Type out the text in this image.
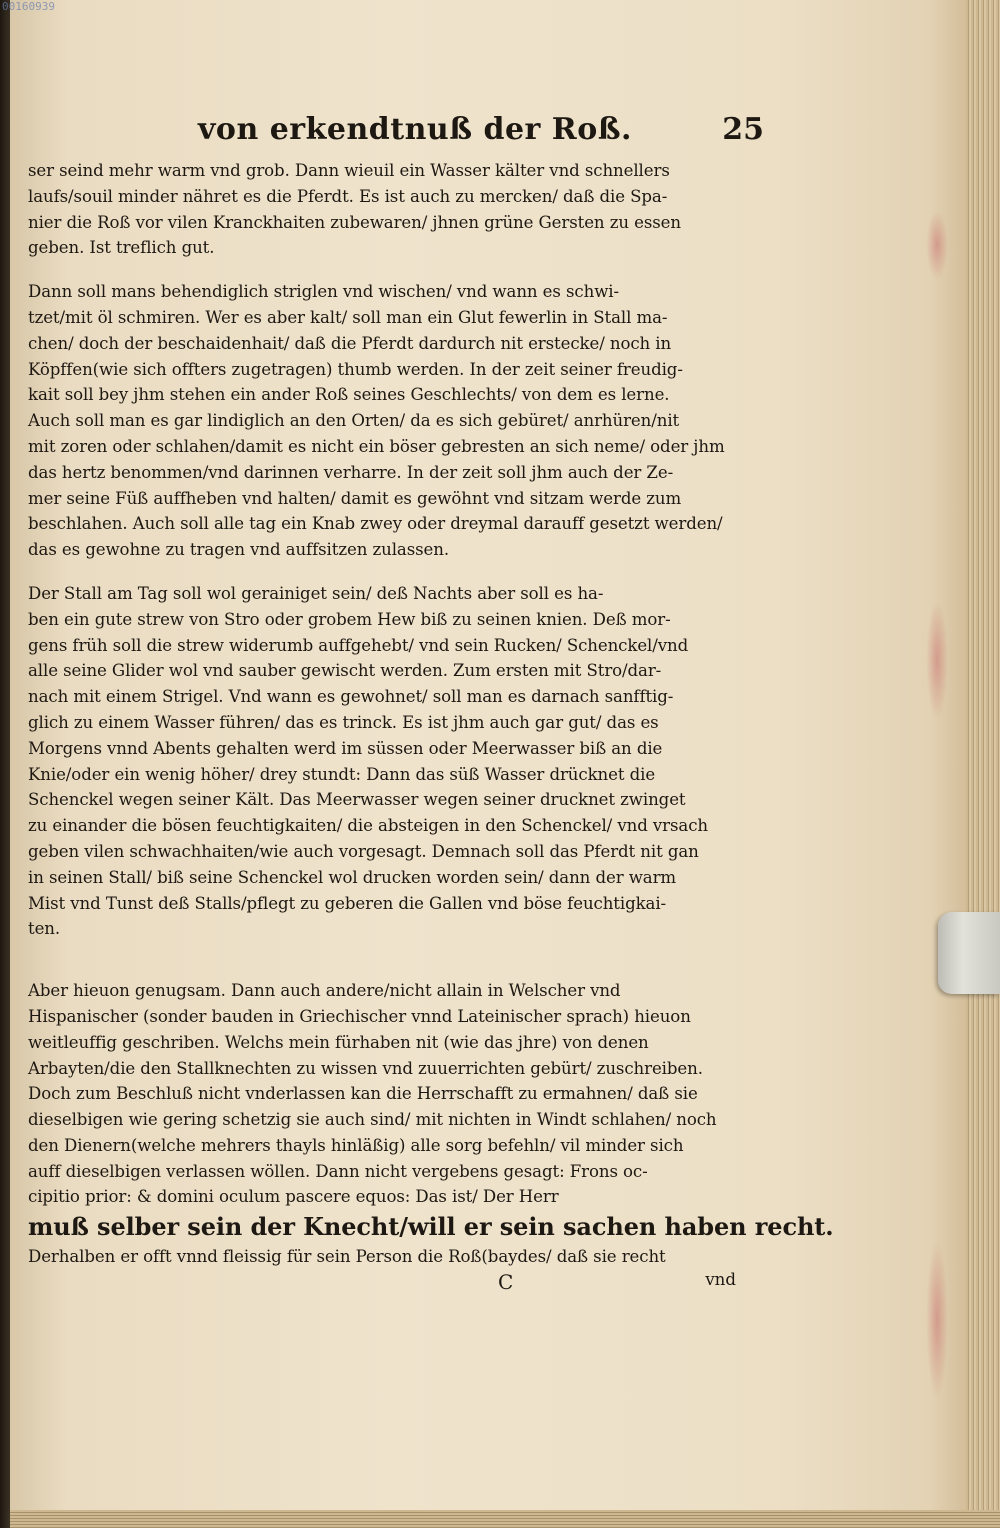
00160939
von erkendtnuß der Roß.	25
ser seind mehr warm vnd grob. Dann wieuil ein Wasser kälter vnd schnellers
laufs/souil minder nähret es die Pferdt. Es ist auch zu mercken/ daß die Spa-
nier die Roß vor vilen Kranckhaiten zubewaren/ jhnen grüne Gersten zu essen
geben. Ist treflich gut.
Dann soll mans behendiglich striglen vnd wischen/ vnd wann es schwi-
tzet/mit öl schmiren. Wer es aber kalt/ soll man ein Glut fewerlin in Stall ma-
chen/ doch der beschaidenhait/ daß die Pferdt dardurch nit erstecke/ noch in
Köpffen(wie sich offters zugetragen) thumb werden. In der zeit seiner freudig-
kait soll bey jhm stehen ein ander Roß seines Geschlechts/ von dem es lerne.
Auch soll man es gar lindiglich an den Orten/ da es sich gebüret/ anrhüren/nit
mit zoren oder schlahen/damit es nicht ein böser gebresten an sich neme/ oder jhm
das hertz benommen/vnd darinnen verharre. In der zeit soll jhm auch der Ze-
mer seine Füß auffheben vnd halten/ damit es gewöhnt vnd sitzam werde zum
beschlahen. Auch soll alle tag ein Knab zwey oder dreymal darauff gesetzt werden/
das es gewohne zu tragen vnd auffsitzen zulassen.
Der Stall am Tag soll wol gerainiget sein/ deß Nachts aber soll es ha-
ben ein gute strew von Stro oder grobem Hew biß zu seinen knien. Deß mor-
gens früh soll die strew widerumb auffgehebt/ vnd sein Rucken/ Schenckel/vnd
alle seine Glider wol vnd sauber gewischt werden. Zum ersten mit Stro/dar-
nach mit einem Strigel. Vnd wann es gewohnet/ soll man es darnach sanfftig-
glich zu einem Wasser führen/ das es trinck. Es ist jhm auch gar gut/ das es
Morgens vnnd Abents gehalten werd im süssen oder Meerwasser biß an die
Knie/oder ein wenig höher/ drey stundt: Dann das süß Wasser drücknet die
Schenckel wegen seiner Kält. Das Meerwasser wegen seiner drucknet zwinget
zu einander die bösen feuchtigkaiten/ die absteigen in den Schenckel/ vnd vrsach
geben vilen schwachhaiten/wie auch vorgesagt. Demnach soll das Pferdt nit gan
in seinen Stall/ biß seine Schenckel wol drucken worden sein/ dann der warm
Mist vnd Tunst deß Stalls/pflegt zu geberen die Gallen vnd böse feuchtigkai-
ten.
Aber hieuon genugsam. Dann auch andere/nicht allain in Welscher vnd
Hispanischer (sonder bauden in Griechischer vnnd Lateinischer sprach) hieuon
weitleuffig geschriben. Welchs mein fürhaben nit (wie das jhre) von denen
Arbayten/die den Stallknechten zu wissen vnd zuuerrichten gebürt/ zuschreiben.
Doch zum Beschluß nicht vnderlassen kan die Herrschafft zu ermahnen/ daß sie
dieselbigen wie gering schetzig sie auch sind/ mit nichten in Windt schlahen/ noch
den Dienern(welche mehrers thayls hinläßig) alle sorg befehln/ vil minder sich
auff dieselbigen verlassen wöllen. Dann nicht vergebens gesagt: Frons oc-
cipitio prior: & domini oculum pascere equos: Das ist/ Der Herr
muß selber sein der Knecht/will er sein sachen haben recht.
Derhalben er offt vnnd fleissig für sein Person die Roß(baydes/ daß sie recht
C	vnd
